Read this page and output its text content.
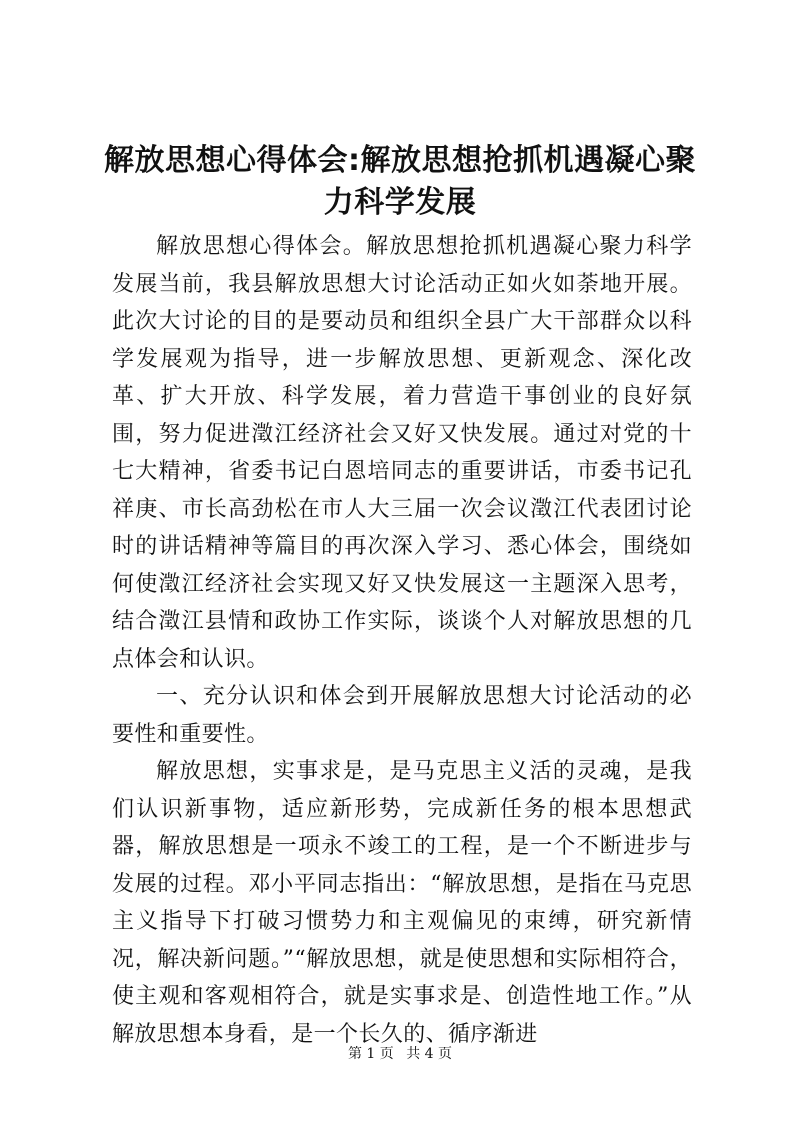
解放思想心得体会:解放思想抢抓机遇凝心聚
力科学发展

解放思想心得体会。解放思想抢抓机遇凝心聚力科学发展当前，我县解放思想大讨论活动正如火如荼地开展。此次大讨论的目的是要动员和组织全县广大干部群众以科学发展观为指导，进一步解放思想、更新观念、深化改革、扩大开放、科学发展，着力营造干事创业的良好氛围，努力促进澂江经济社会又好又快发展。通过对党的十七大精神，省委书记白恩培同志的重要讲话，市委书记孔祥庚、市长高劲松在市人大三届一次会议澂江代表团讨论时的讲话精神等篇目的再次深入学习、悉心体会，围绕如何使澂江经济社会实现又好又快发展这一主题深入思考，结合澂江县情和政协工作实际，谈谈个人对解放思想的几点体会和认识。

一、充分认识和体会到开展解放思想大讨论活动的必要性和重要性。

解放思想，实事求是，是马克思主义活的灵魂，是我们认识新事物，适应新形势，完成新任务的根本思想武器，解放思想是一项永不竣工的工程，是一个不断进步与发展的过程。邓小平同志指出：“解放思想，是指在马克思主义指导下打破习惯势力和主观偏见的束缚，研究新情况，解决新问题。”“解放思想，就是使思想和实际相符合，使主观和客观相符合，就是实事求是、创造性地工作。”从解放思想本身看，是一个长久的、循序渐进

第 1 页 共 4 页
